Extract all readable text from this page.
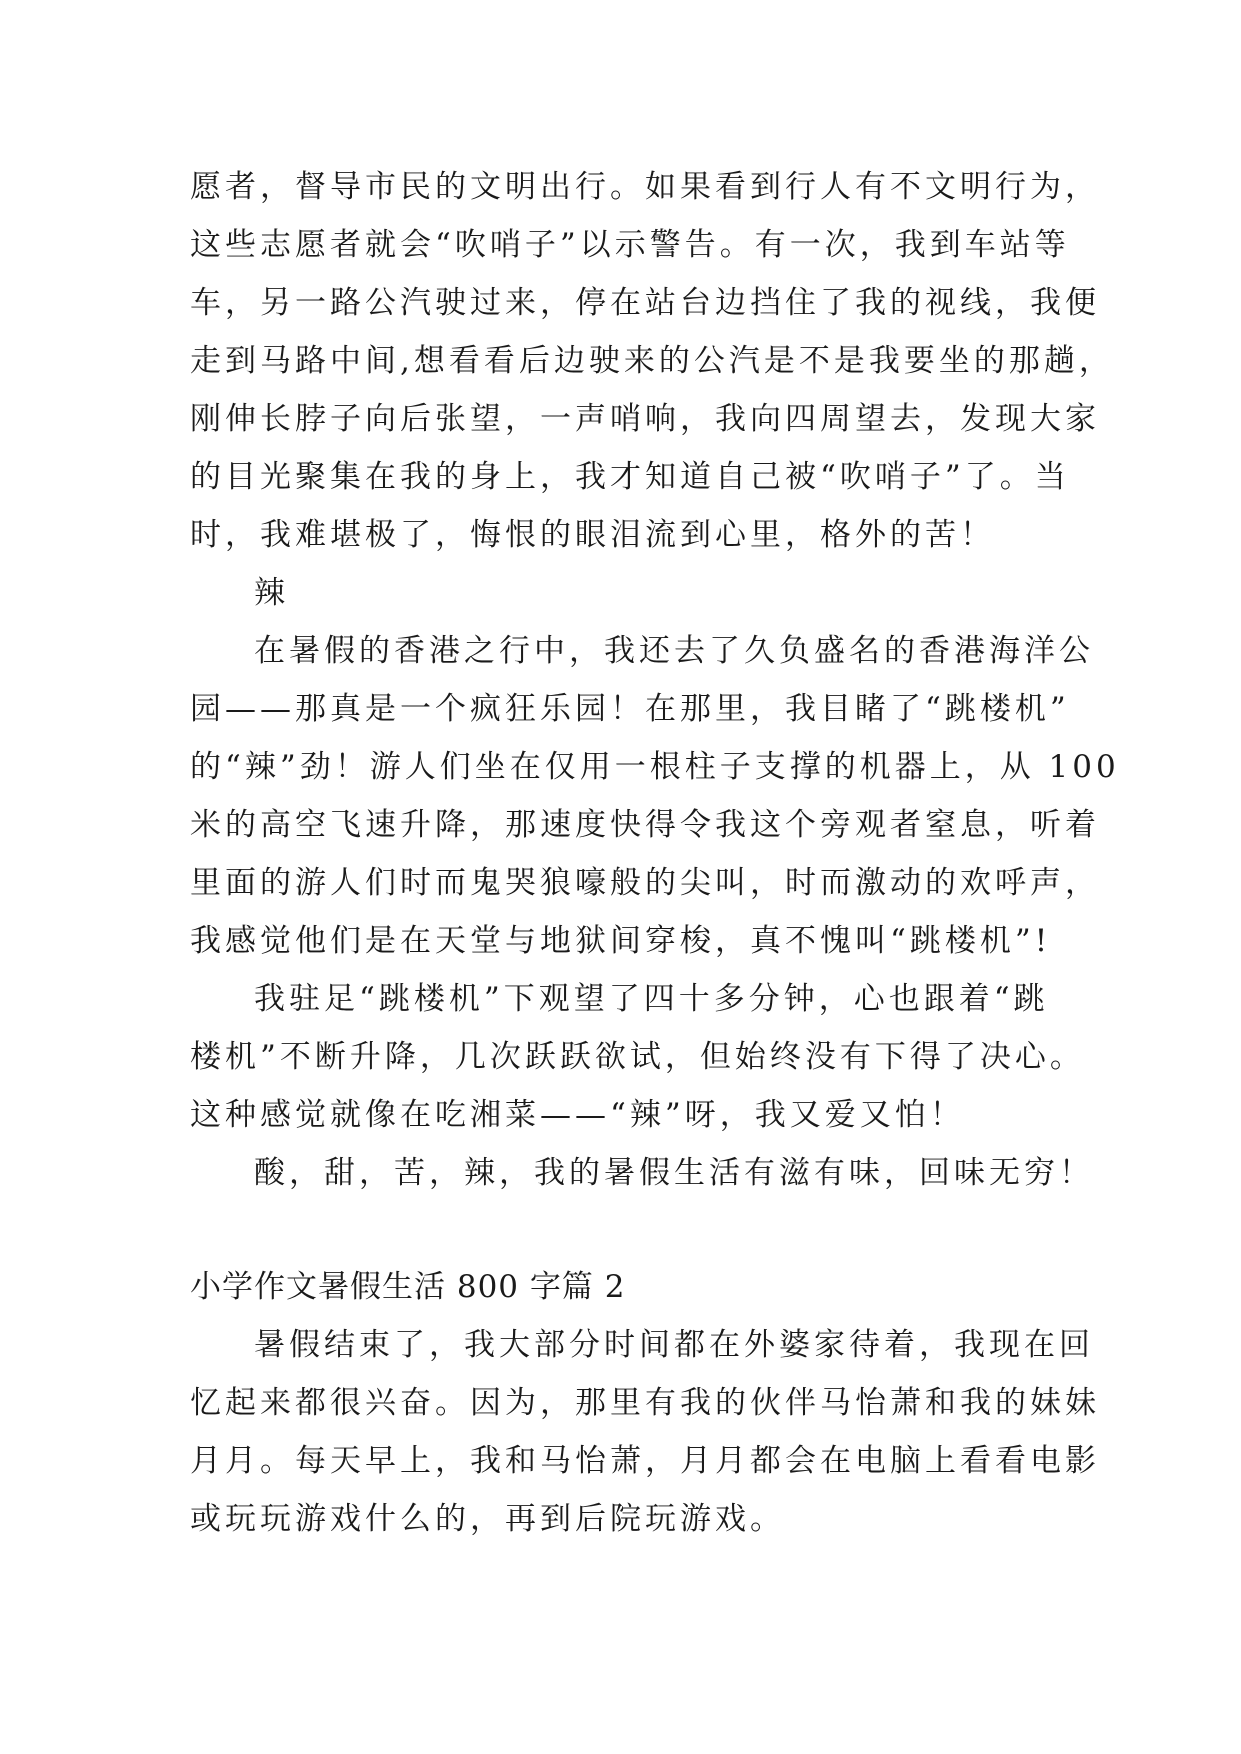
愿者，督导市民的文明出行。如果看到行人有不文明行为，
这些志愿者就会“吹哨子”以示警告。有一次，我到车站等
车，另一路公汽驶过来，停在站台边挡住了我的视线，我便
走到马路中间,想看看后边驶来的公汽是不是我要坐的那趟，
刚伸长脖子向后张望，一声哨响，我向四周望去，发现大家
的目光聚集在我的身上，我才知道自己被“吹哨子”了。当
时，我难堪极了，悔恨的眼泪流到心里，格外的苦！
辣
在暑假的香港之行中，我还去了久负盛名的香港海洋公
园——那真是一个疯狂乐园！在那里，我目睹了“跳楼机”
的“辣”劲！游人们坐在仅用一根柱子支撑的机器上，从 100
米的高空飞速升降，那速度快得令我这个旁观者窒息，听着
里面的游人们时而鬼哭狼嚎般的尖叫，时而激动的欢呼声，
我感觉他们是在天堂与地狱间穿梭，真不愧叫“跳楼机”!
我驻足“跳楼机”下观望了四十多分钟，心也跟着“跳
楼机”不断升降，几次跃跃欲试，但始终没有下得了决心。
这种感觉就像在吃湘菜——“辣”呀，我又爱又怕！
酸，甜，苦，辣，我的暑假生活有滋有味，回味无穷！
小学作文暑假生活 800 字篇 2
暑假结束了，我大部分时间都在外婆家待着，我现在回
忆起来都很兴奋。因为，那里有我的伙伴马怡萧和我的妹妹
月月。每天早上，我和马怡萧，月月都会在电脑上看看电影
或玩玩游戏什么的，再到后院玩游戏。
